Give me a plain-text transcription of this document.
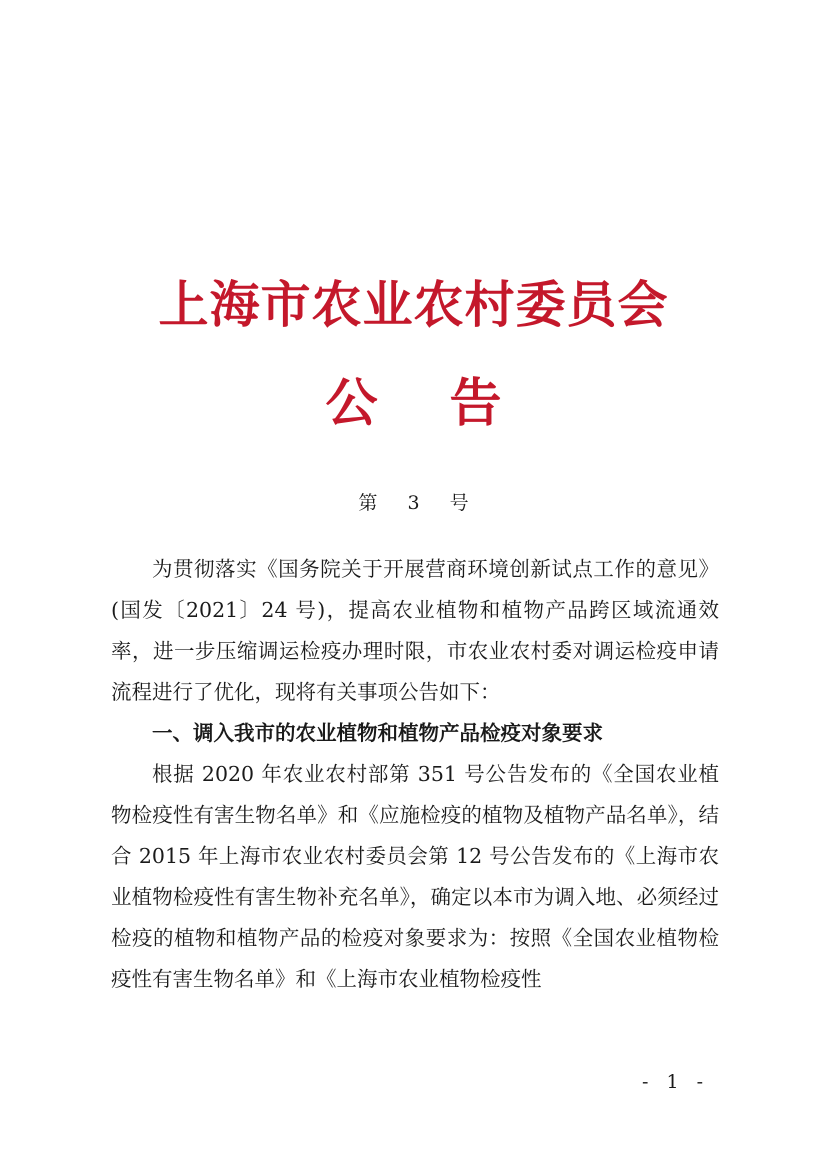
上海市农业农村委员会
公告
第 3 号

为贯彻落实《国务院关于开展营商环境创新试点工作的意见》(国发〔2021〕24 号)，提高农业植物和植物产品跨区域流通效率，进一步压缩调运检疫办理时限，市农业农村委对调运检疫申请流程进行了优化，现将有关事项公告如下：

一、调入我市的农业植物和植物产品检疫对象要求

根据 2020 年农业农村部第 351 号公告发布的《全国农业植物检疫性有害生物名单》和《应施检疫的植物及植物产品名单》，结合 2015 年上海市农业农村委员会第 12 号公告发布的《上海市农业植物检疫性有害生物补充名单》，确定以本市为调入地、必须经过检疫的植物和植物产品的检疫对象要求为：按照《全国农业植物检疫性有害生物名单》和《上海市农业植物检疫性

- 1 -
